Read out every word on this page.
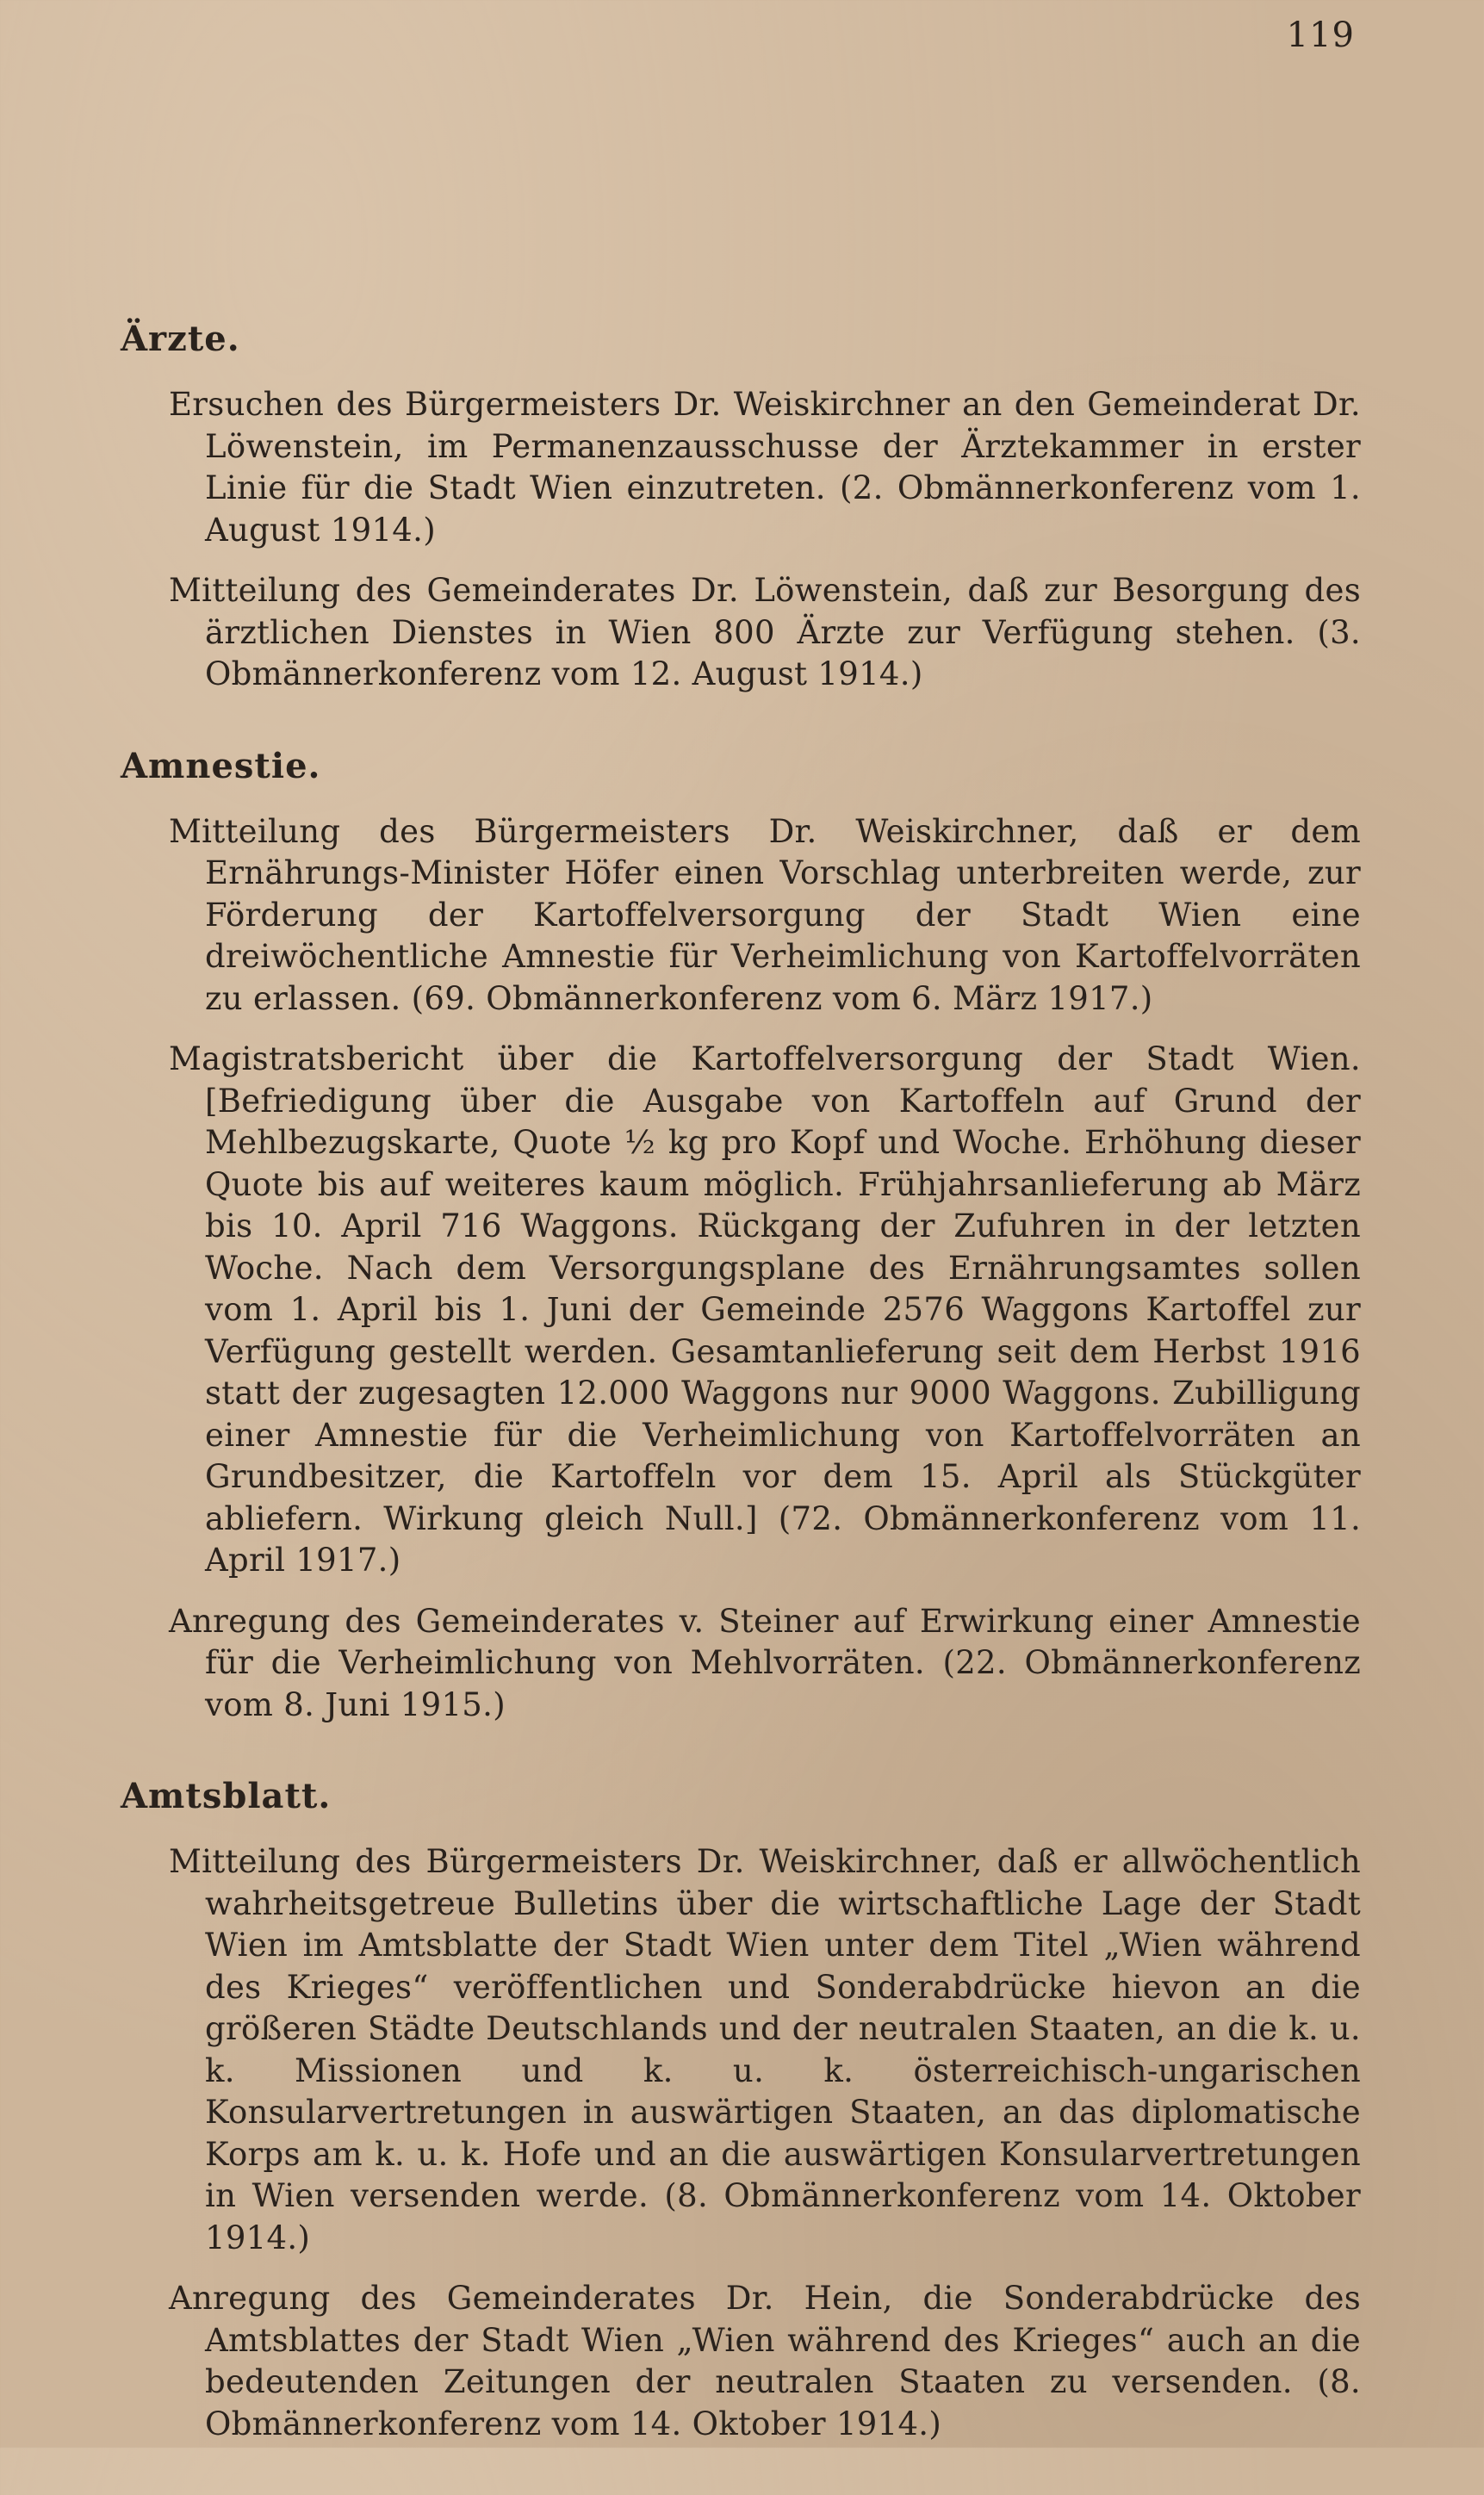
119
Ärzte.

Ersuchen des Bürgermeisters Dr. Weiskirchner an den Gemeinderat Dr. Löwenstein, im Permanenzausschusse der Ärztekammer in erster Linie für die Stadt Wien einzutreten. (2. Obmännerkonferenz vom 1. August 1914.)

Mitteilung des Gemeinderates Dr. Löwenstein, daß zur Besorgung des ärztlichen Dienstes in Wien 800 Ärzte zur Verfügung stehen. (3. Obmännerkonferenz vom 12. August 1914.)

Amnestie.

Mitteilung des Bürgermeisters Dr. Weiskirchner, daß er dem Ernährungs-Minister Höfer einen Vorschlag unterbreiten werde, zur Förderung der Kartoffelversorgung der Stadt Wien eine dreiwöchentliche Amnestie für Verheimlichung von Kartoffelvorräten zu erlassen. (69. Obmännerkonferenz vom 6. März 1917.)

Magistratsbericht über die Kartoffelversorgung der Stadt Wien. [Befriedigung über die Ausgabe von Kartoffeln auf Grund der Mehlbezugskarte, Quote ½ kg pro Kopf und Woche. Erhöhung dieser Quote bis auf weiteres kaum möglich. Frühjahrsanlieferung ab März bis 10. April 716 Waggons. Rückgang der Zufuhren in der letzten Woche. Nach dem Versorgungsplane des Ernährungsamtes sollen vom 1. April bis 1. Juni der Gemeinde 2576 Waggons Kartoffel zur Verfügung gestellt werden. Gesamtanlieferung seit dem Herbst 1916 statt der zugesagten 12.000 Waggons nur 9000 Waggons. Zubilligung einer Amnestie für die Verheimlichung von Kartoffelvorräten an Grundbesitzer, die Kartoffeln vor dem 15. April als Stückgüter abliefern. Wirkung gleich Null.] (72. Obmännerkonferenz vom 11. April 1917.)

Anregung des Gemeinderates v. Steiner auf Erwirkung einer Amnestie für die Verheimlichung von Mehlvorräten. (22. Obmännerkonferenz vom 8. Juni 1915.)

Amtsblatt.

Mitteilung des Bürgermeisters Dr. Weiskirchner, daß er allwöchentlich wahrheitsgetreue Bulletins über die wirtschaftliche Lage der Stadt Wien im Amtsblatte der Stadt Wien unter dem Titel „Wien während des Krieges“ veröffentlichen und Sonderabdrücke hievon an die größeren Städte Deutschlands und der neutralen Staaten, an die k. u. k. Missionen und k. u. k. österreichisch-ungarischen Konsularvertretungen in auswärtigen Staaten, an das diplomatische Korps am k. u. k. Hofe und an die auswärtigen Konsularvertretungen in Wien versenden werde. (8. Obmännerkonferenz vom 14. Oktober 1914.)

Anregung des Gemeinderates Dr. Hein, die Sonderabdrücke des Amtsblattes der Stadt Wien „Wien während des Krieges“ auch an die bedeutenden Zeitungen der neutralen Staaten zu versenden. (8. Obmännerkonferenz vom 14. Oktober 1914.)
